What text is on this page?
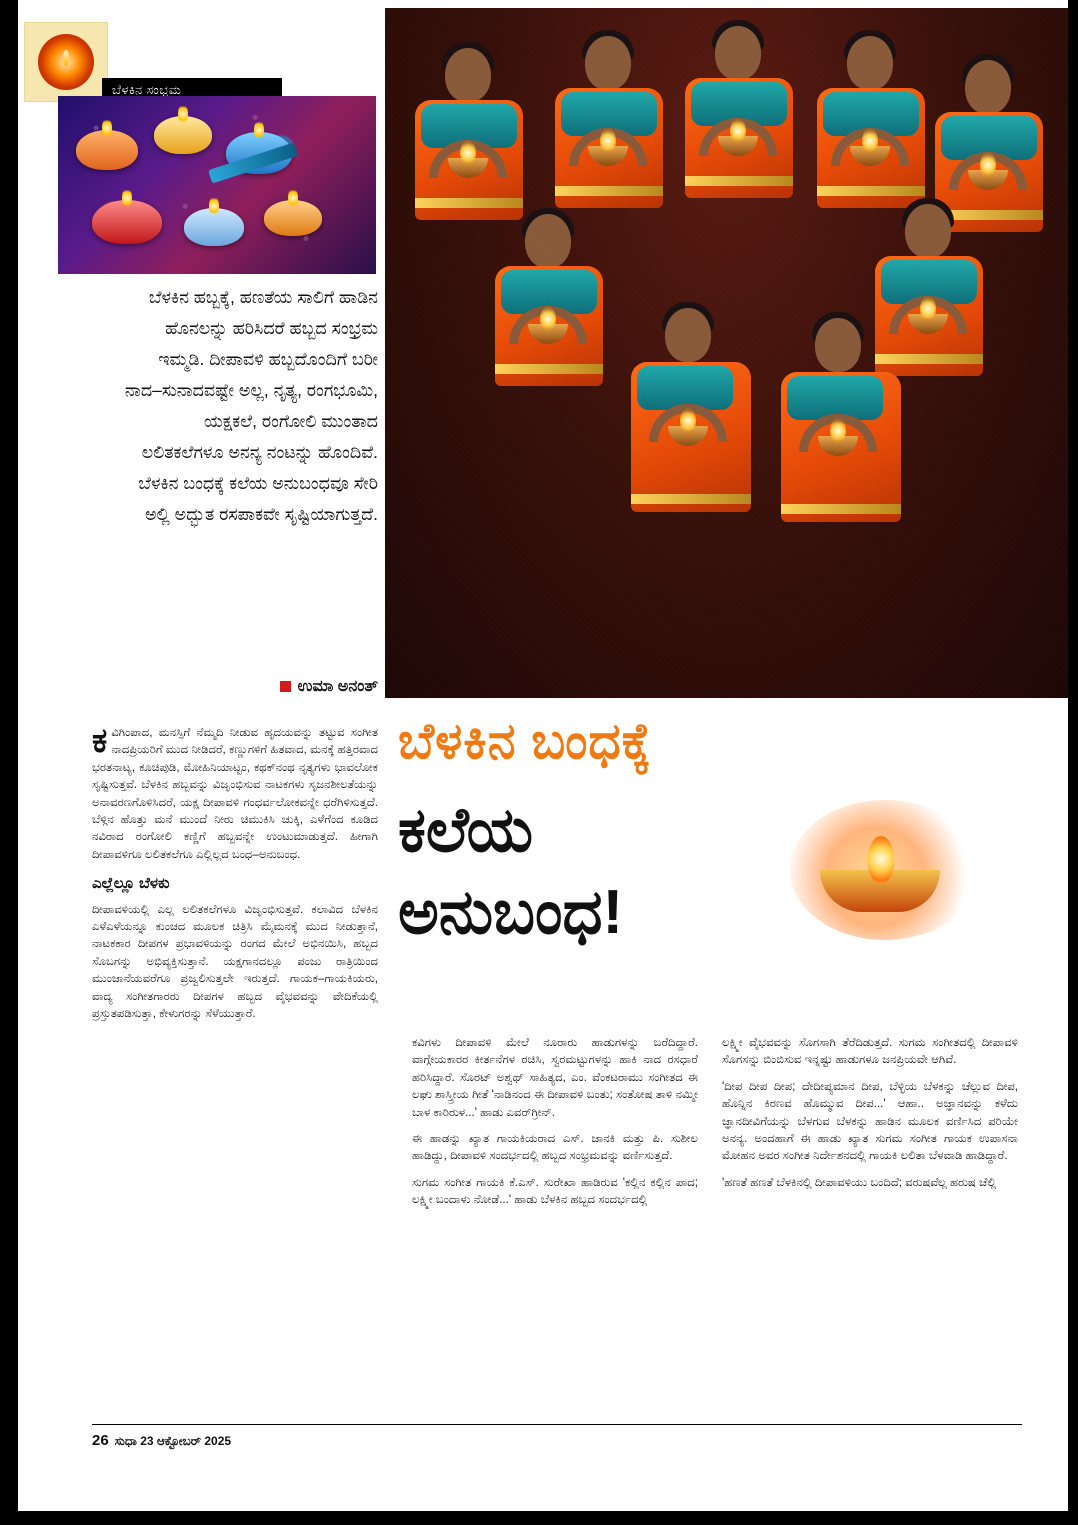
ಬೆಳಕಿನ ಸಂಭ್ರಮ
ಬೆಳಕಿನ ಹಬ್ಬಕ್ಕೆ, ಹಣತೆಯ ಸಾಲಿಗೆ ಹಾಡಿನ ಹೊನಲನ್ನು ಹರಿಸಿದರೆ ಹಬ್ಬದ ಸಂಭ್ರಮ ಇಮ್ಮಡಿ. ದೀಪಾವಳಿ ಹಬ್ಬದೊಂದಿಗೆ ಬರೀ ನಾದ–ಸುನಾದವಷ್ಟೇ ಅಲ್ಲ, ನೃತ್ಯ, ರಂಗಭೂಮಿ, ಯಕ್ಷಕಲೆ, ರಂಗೋಲಿ ಮುಂತಾದ ಲಲಿತಕಲೆಗಳೂ ಅನನ್ಯ ನಂಟನ್ನು ಹೊಂದಿವೆ. ಬೆಳಕಿನ ಬಂಧಕ್ಕೆ ಕಲೆಯ ಅನುಬಂಧವೂ ಸೇರಿ ಅಲ್ಲಿ ಅದ್ಭುತ ರಸಪಾಕವೇ ಸೃಷ್ಟಿಯಾಗುತ್ತದೆ.
ಉಮಾ ಅನಂತ್
ಬೆಳಕಿನ ಬಂಧಕ್ಕೆ
ಕಲೆಯ
ಅನುಬಂಧ!

ಕವಿಗಿಂಪಾದ, ಮನಸ್ಸಿಗೆ ನೆಮ್ಮದಿ ನೀಡುವ ಹೃದಯವನ್ನು ತಟ್ಟುವ ಸಂಗೀತ ನಾದಪ್ರಿಯರಿಗೆ ಮುದ ನೀಡಿದರೆ, ಕಣ್ಣುಗಳಿಗೆ ಹಿತವಾದ, ಮನಕ್ಕೆ ಹತ್ತಿರವಾದ ಭರತನಾಟ್ಯ, ಕೂಚಿಪುಡಿ, ಮೋಹಿನಿಯಾಟ್ಟಂ, ಕಥಕ್‌ನಂಥ ನೃತ್ಯಗಳು ಭಾವಲೋಕ ಸೃಷ್ಟಿಸುತ್ತವೆ. ಬೆಳಕಿನ ಹಬ್ಬವನ್ನು ವಿಜೃಂಭಿಸುವ ನಾಟಕಗಳು ಸೃಜನಶೀಲತೆಯನ್ನು ಅನಾವರಣಗೊಳಿಸಿದರೆ, ಯಕ್ಷ ದೀಪಾವಳಿ ಗಂಧರ್ವಲೋಕವನ್ನೇ ಧರೆಗಿಳಿಸುತ್ತದೆ. ಬೆಳ್ಗಿನ ಹೊತ್ತು ಮನೆ ಮುಂದೆ ನೀರು ಚಿಮುಕಿಸಿ ಚುಕ್ಕಿ, ಎಳೆಗೆಂದ ಕೂಡಿದ ನವಿರಾದ ರಂಗೋಲಿ ಕಣ್ಣಿಗೆ ಹಬ್ಬವನ್ನೇ ಉಂಟುಮಾಡುತ್ತದೆ. ಹೀಗಾಗಿ ದೀಪಾವಳಿಗೂ ಲಲಿತಕಲೆಗೂ ಎಲ್ಲಿಲ್ಲದ ಬಂಧ–ಅನುಬಂಧ.

ಎಲ್ಲೆಲ್ಲೂ ಬೆಳಕು

ದೀಪಾವಳಿಯಲ್ಲಿ ಎಲ್ಲ ಲಲಿತಕಲೆಗಳೂ ವಿಜೃಂಭಿಸುತ್ತವೆ. ಕಲಾವಿದ ಬೆಳಕಿನ ಎಳೆಎಳೆಯನ್ನೂ ಕುಂಚದ ಮೂಲಕ ಚಿತ್ರಿಸಿ ಮೈಮನಕ್ಕೆ ಮುದ ನೀಡುತ್ತಾನೆ, ನಾಟಕಕಾರ ದೀಪಗಳ ಪ್ರಭಾವಳಿಯನ್ನು ರಂಗದ ಮೇಲೆ ಅಭಿನಯಿಸಿ, ಹಬ್ಬದ ಸೊಬಗನ್ನು ಅಭಿವ್ಯಕ್ತಿಸುತ್ತಾನೆ. ಯಕ್ಷಗಾನದಲ್ಲೂ ಪಂಜು ರಾತ್ರಿಯಿಂದ ಮುಂಜಾನೆಯವರೆಗೂ ಪ್ರಜ್ವಲಿಸುತ್ತಲೇ ಇರುತ್ತದೆ. ಗಾಯಕ–ಗಾಯಕಿಯರು, ವಾದ್ಯ ಸಂಗೀತಗಾರರು ದೀಪಗಳ ಹಬ್ಬದ ವೈಭವವನ್ನು ವೇದಿಕೆಯಲ್ಲಿ ಪ್ರಸ್ತುತಪಡಿಸುತ್ತಾ, ಕೇಳುಗರನ್ನು ಸೆಳೆಯುತ್ತಾರೆ.

ಕವಿಗಳು ದೀಪಾವಳಿ ಮೇಲೆ ನೂರಾರು ಹಾಡುಗಳನ್ನು ಬರೆದಿದ್ದಾರೆ. ವಾಗ್ಗೇಯಕಾರರ ಕೀರ್ತನೆಗಳ ರಚಿಸಿ, ಸ್ವರಮಟ್ಟುಗಳನ್ನು ಹಾಕಿ ನಾದ ರಸಧಾರೆ ಹರಿಸಿದ್ದಾರೆ. ಸೊರಟ್ ಅಶ್ವಥ್ ಸಾಹಿತ್ಯದ, ಎಂ. ವೆಂಕಟರಾಮು ಸಂಗೀತದ ಈ ಲಘು ಶಾಸ್ತ್ರೀಯ ಗೀತೆ 'ನಾಡಿನಂದ ಈ ದೀಪಾವಳಿ ಬಂತು; ಸಂತೋಷ ತಾಳಿ ನಮ್ಮೀ ಬಾಳ ಕಾರಿರುಳ...' ಹಾಡು ಎವರ್‌ಗ್ರೀನ್.

ಈ ಹಾಡನ್ನು ಖ್ಯಾತ ಗಾಯಕಿಯರಾದ ಎಸ್. ಜಾನಕಿ ಮತ್ತು ಪಿ. ಸುಶೀಲ ಹಾಡಿದ್ದು, ದೀಪಾವಳಿ ಸಂದರ್ಭದಲ್ಲಿ ಹಬ್ಬದ ಸಂಭ್ರಮವನ್ನು ವರ್ಣಿಸುತ್ತದೆ.

ಸುಗಮ ಸಂಗೀತ ಗಾಯಕಿ ಕೆ.ಎಸ್. ಸುರೇಖಾ ಹಾಡಿರುವ 'ಕಲ್ಲಿನ ಕಲ್ಲಿನ ಪಾದ; ಲಕ್ಷ್ಮೀ ಬಂದಾಳು ನೋಡೆ...' ಹಾಡು ಬೆಳಕಿನ ಹಬ್ಬದ ಸಂದರ್ಭದಲ್ಲಿ

ಲಕ್ಷ್ಮೀ ವೈಭವವನ್ನು ಸೊಗಸಾಗಿ ತೆರೆದಿಡುತ್ತದೆ. ಸುಗಮ ಸಂಗೀತದಲ್ಲಿ ದೀಪಾವಳಿ ಸೊಗಸನ್ನು ಬಿಂಬಿಸುವ ಇನ್ನಷ್ಟು ಹಾಡುಗಳೂ ಜನಪ್ರಿಯವೇ ಆಗಿವೆ.

'ದೀಪ ದೀಪ ದೀಪ; ದೇದೀಪ್ಯಮಾನ ದೀಪ, ಬೆಳ್ಳಿಯ ಬೆಳಕನ್ನು ಚೆಲ್ಲುವ ದೀಪ, ಹೊನ್ನಿನ ಕಿರಣವ ಹೊಮ್ಮುವ ದೀಪ...' ಆಹಾ.. ಅಜ್ಞಾನವನ್ನು ಕಳೆದು ಜ್ಞಾನದೀವಿಗೆಯನ್ನು ಬೆಳಗುವ ಬೆಳಕನ್ನು ಹಾಡಿನ ಮೂಲಕ ವರ್ಣಿಸಿದ ಪರಿಯೇ ಅನನ್ಯ. ಅಂದಹಾಗೆ ಈ ಹಾಡು ಖ್ಯಾತ ಸುಗಮ ಸಂಗೀತ ಗಾಯಕ ಉಪಾಸನಾ ಮೋಹನ ಅವರ ಸಂಗೀತ ನಿರ್ದೇಶನದಲ್ಲಿ ಗಾಯಕಿ ಲಲಿತಾ ಬೆಳವಾಡಿ ಹಾಡಿದ್ದಾರೆ.

'ಹಣತೆ ಹಣತೆ ಬೆಳಕಿನಲ್ಲಿ ದೀಪಾವಳಿಯು ಬಂದಿದೆ; ವರುಷವೆಲ್ಲ ಹರುಷ ಚೆಲ್ಲಿ

26 ಸುಧಾ 23 ಆಕ್ಟೋಬರ್ 2025
